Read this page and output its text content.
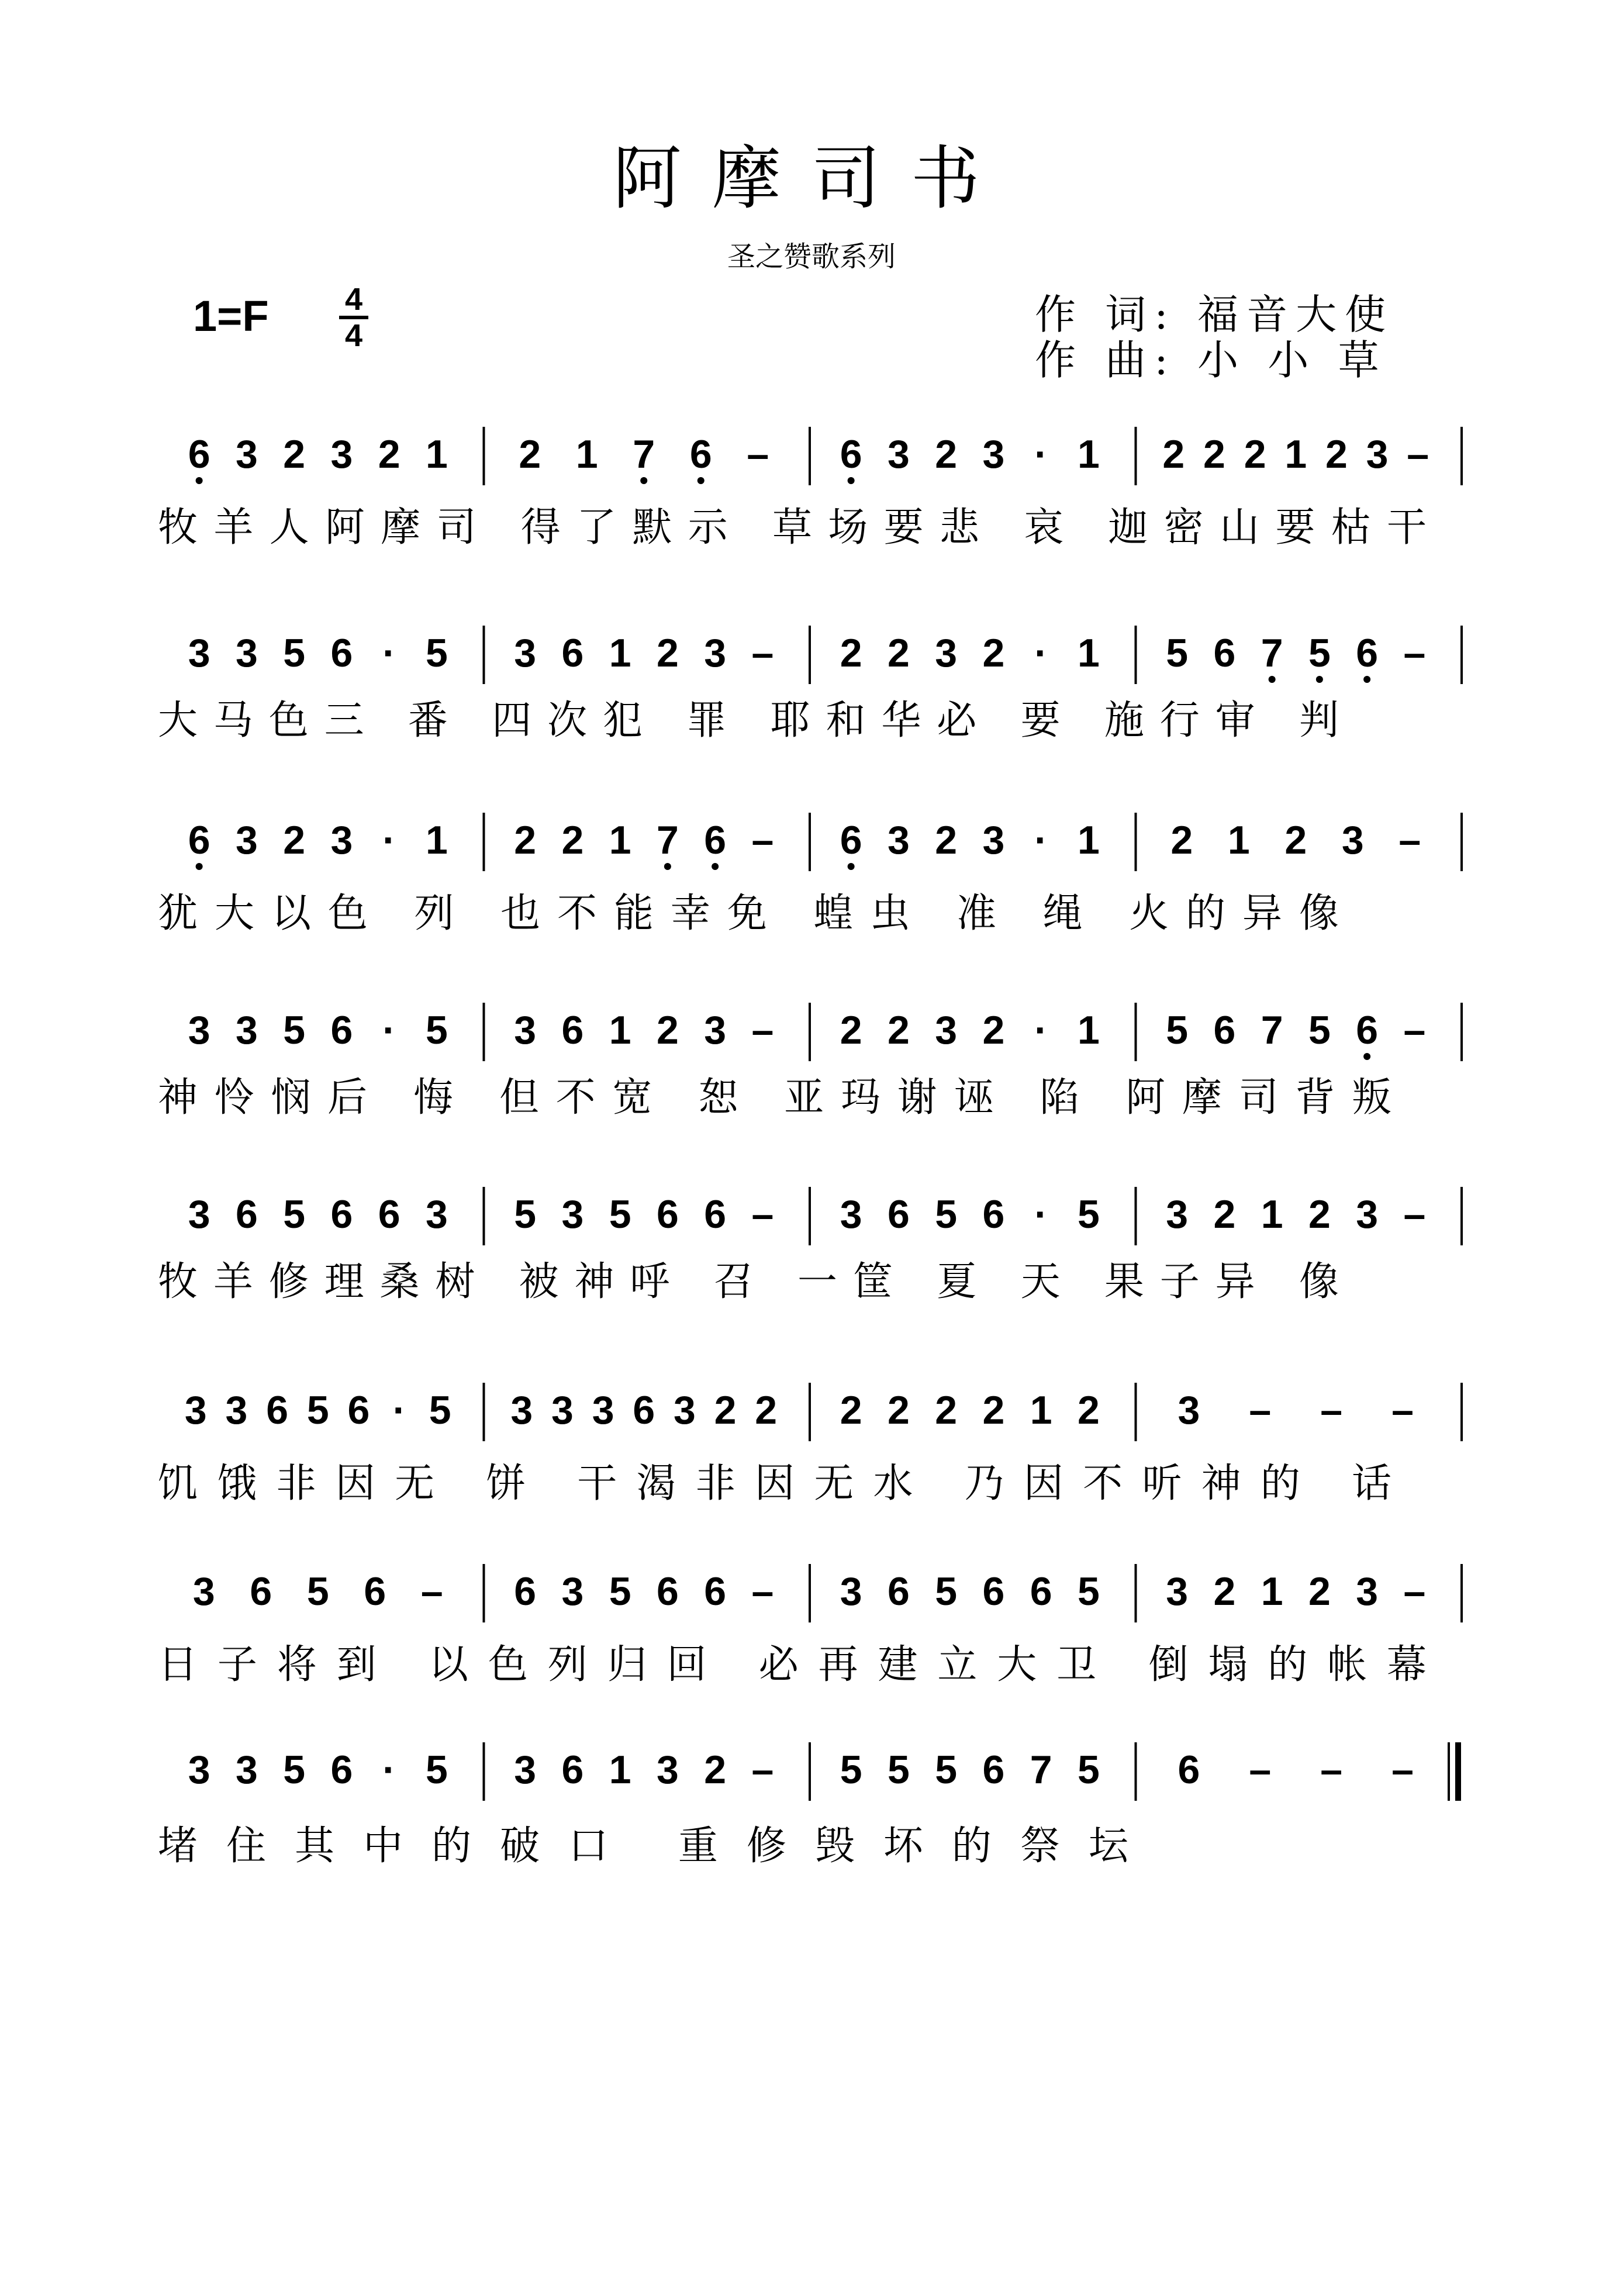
阿摩司书
圣之赞歌系列
1=F 4
4	作 词: 福音大使
作 曲: 小 小 草
6 3 2 3 2 1 2 1 7 6 – 6 3 2 3 · 1 2 2 2 1 2 3 –
牧羊人阿摩司 得了默示 草场要悲 哀 迦密山要枯干
3 3 5 6 · 5 3 6 1 2 3 – 2 2 3 2 · 1 5 6 7 5 6 –
大马色三 番 四次犯 罪 耶和华必 要 施行审 判
6 3 2 3 · 1 2 2 1 7 6 – 6 3 2 3 · 1 2 1 2 3 –
犹大以色 列 也不能幸免 蝗虫 准 绳 火的异像
3 3 5 6 · 5 3 6 1 2 3 – 2 2 3 2 · 1 5 6 7 5 6 –
神怜悯后 悔 但不宽 恕 亚玛谢诬 陷 阿摩司背叛
3 6 5 6 6 3 5 3 5 6 6 – 3 6 5 6 · 5 3 2 1 2 3 –
牧羊修理桑树 被神呼 召 一筐 夏 天 果子异 像
3 3 6 5 6 · 5 3 3 3 6 3 2 2 2 2 2 2 1 2 3 – – –
饥饿非因无 饼 干渴非因无水 乃因不听神的 话
3 6 5 6 – 6 3 5 6 6 – 3 6 5 6 6 5 3 2 1 2 3 –
日子将到 以色列归回 必再建立大卫 倒塌的帐幕
3 3 5 6 · 5 3 6 1 3 2 – 5 5 5 6 7 5 6 – – –
堵住其中的破口 重修毁坏的祭坛
